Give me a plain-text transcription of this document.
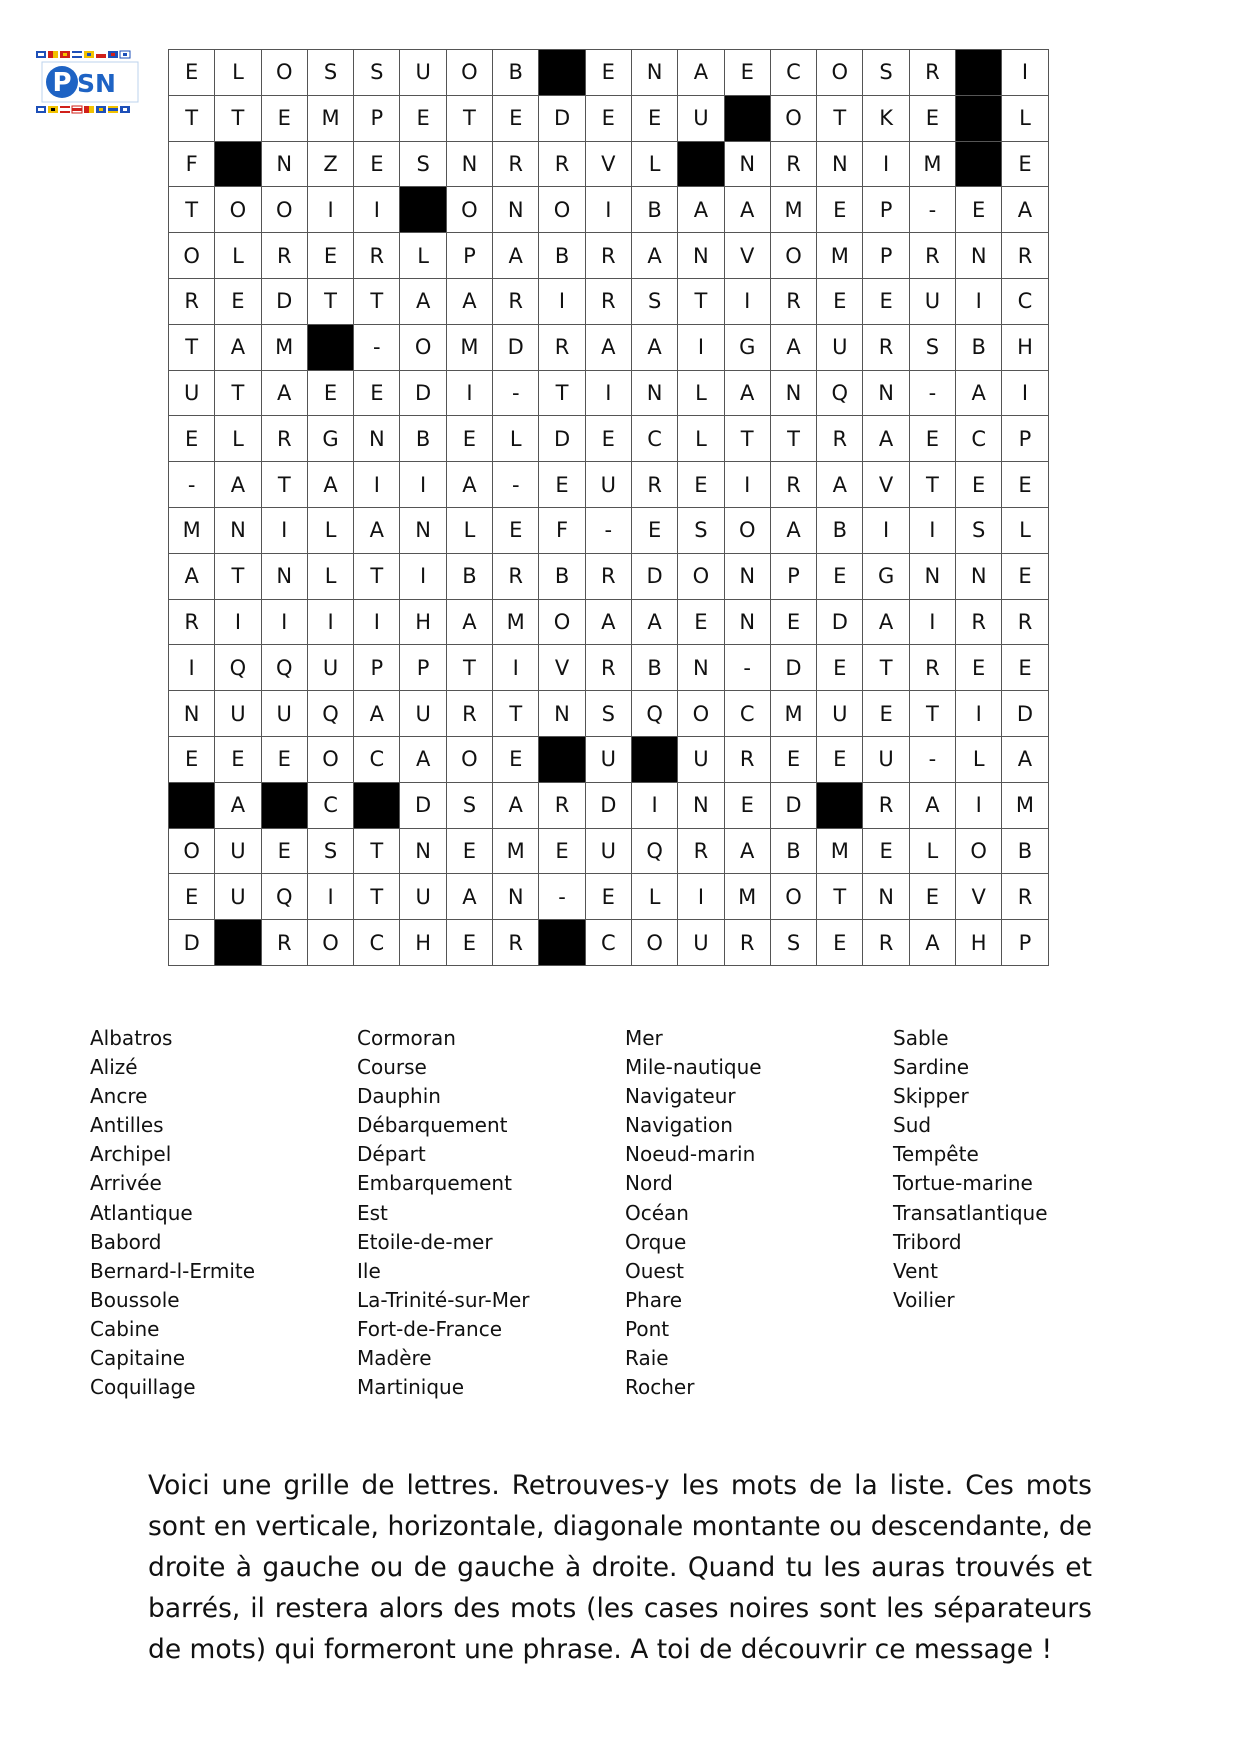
P SN	E	L	O	S	S	U	O	B		E	N	A	E	C	O	S	R		I
T	T	E	M	P	E	T	E	D	E	E	U		O	T	K	E		L
F		N	Z	E	S	N	R	R	V	L		N	R	N	I	M		E
T	O	O	I	I		O	N	O	I	B	A	A	M	E	P	-	E	A
O	L	R	E	R	L	P	A	B	R	A	N	V	O	M	P	R	N	R
R	E	D	T	T	A	A	R	I	R	S	T	I	R	E	E	U	I	C
T	A	M		-	O	M	D	R	A	A	I	G	A	U	R	S	B	H
U	T	A	E	E	D	I	-	T	I	N	L	A	N	Q	N	-	A	I
E	L	R	G	N	B	E	L	D	E	C	L	T	T	R	A	E	C	P
-	A	T	A	I	I	A	-	E	U	R	E	I	R	A	V	T	E	E
M	N	I	L	A	N	L	E	F	-	E	S	O	A	B	I	I	S	L
A	T	N	L	T	I	B	R	B	R	D	O	N	P	E	G	N	N	E
R	I	I	I	I	H	A	M	O	A	A	E	N	E	D	A	I	R	R
I	Q	Q	U	P	P	T	I	V	R	B	N	-	D	E	T	R	E	E
N	U	U	Q	A	U	R	T	N	S	Q	O	C	M	U	E	T	I	D
E	E	E	O	C	A	O	E		U		U	R	E	E	U	-	L	A
	A		C		D	S	A	R	D	I	N	E	D		R	A	I	M
O	U	E	S	T	N	E	M	E	U	Q	R	A	B	M	E	L	O	B
E	U	Q	I	T	U	A	N	-	E	L	I	M	O	T	N	E	V	R
D		R	O	C	H	E	R		C	O	U	R	S	E	R	A	H	P
Albatros
Alizé
Ancre
Antilles
Archipel
Arrivée
Atlantique
Babord
Bernard-l-Ermite
Boussole
Cabine
Capitaine
Coquillage
Cormoran
Course
Dauphin
Débarquement
Départ
Embarquement
Est
Etoile-de-mer
Ile
La-Trinité-sur-Mer
Fort-de-France
Madère
Martinique
Mer
Mile-nautique
Navigateur
Navigation
Noeud-marin
Nord
Océan
Orque
Ouest
Phare
Pont
Raie
Rocher
Sable
Sardine
Skipper
Sud
Tempête
Tortue-marine
Transatlantique
Tribord
Vent
Voilier

Voici une grille de lettres. Retrouves-y les mots de la liste. Ces mots sont en verticale, horizontale, diagonale montante ou descendante, de droite à gauche ou de gauche à droite. Quand tu les auras trouvés et barrés, il restera alors des mots (les cases noires sont les séparateurs de mots) qui formeront une phrase. A toi de découvrir ce message !
